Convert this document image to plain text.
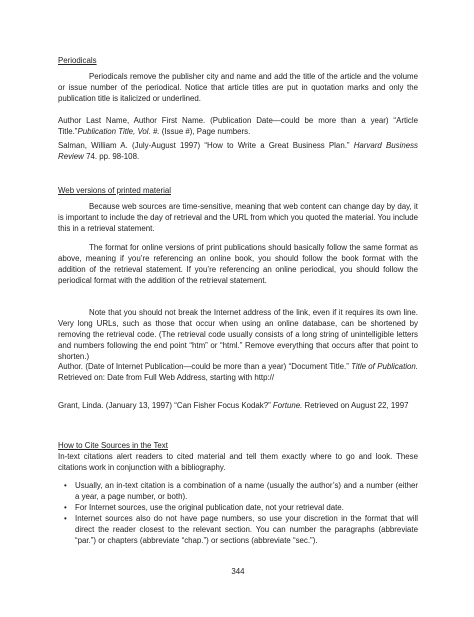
Periodicals

Periodicals remove the publisher city and name and add the title of the article and the volume or issue number of the periodical. Notice that article titles are put in quotation marks and only the publication title is italicized or underlined.

Author Last Name, Author First Name. (Publication Date—could be more than a year) “Article Title.”Publication Title, Vol. #. (Issue #), Page numbers.

Salman, William A. (July-August 1997) “How to Write a Great Business Plan.” Harvard Business Review 74. pp. 98-108.

Web versions of printed material

Because web sources are time-sensitive, meaning that web content can change day by day, it is important to include the day of retrieval and the URL from which you quoted the material. You include this in a retrieval statement.

The format for online versions of print publications should basically follow the same format as above, meaning if you’re referencing an online book, you should follow the book format with the addition of the retrieval statement. If you’re referencing an online periodical, you should follow the periodical format with the addition of the retrieval statement.

Note that you should not break the Internet address of the link, even if it requires its own line. Very long URLs, such as those that occur when using an online database, can be shortened by removing the retrieval code. (The retrieval code usually consists of a long string of unintelligible letters and numbers following the end point “htm” or “html.” Remove everything that occurs after that point to shorten.)

Author. (Date of Internet Publication—could be more than a year) “Document Title.” Title of Publication. Retrieved on: Date from Full Web Address, starting with http://

Grant, Linda. (January 13, 1997) “Can Fisher Focus Kodak?” Fortune. Retrieved on August 22, 1997

How to Cite Sources in the Text

In-text citations alert readers to cited material and tell them exactly where to go and look. These citations work in conjunction with a bibliography.

• Usually, an in-text citation is a combination of a name (usually the author’s) and a number (either a year, a page number, or both).
• For Internet sources, use the original publication date, not your retrieval date.
• Internet sources also do not have page numbers, so use your discretion in the format that will direct the reader closest to the relevant section. You can number the paragraphs (abbreviate “par.”) or chapters (abbreviate “chap.”) or sections (abbreviate “sec.”).
344
